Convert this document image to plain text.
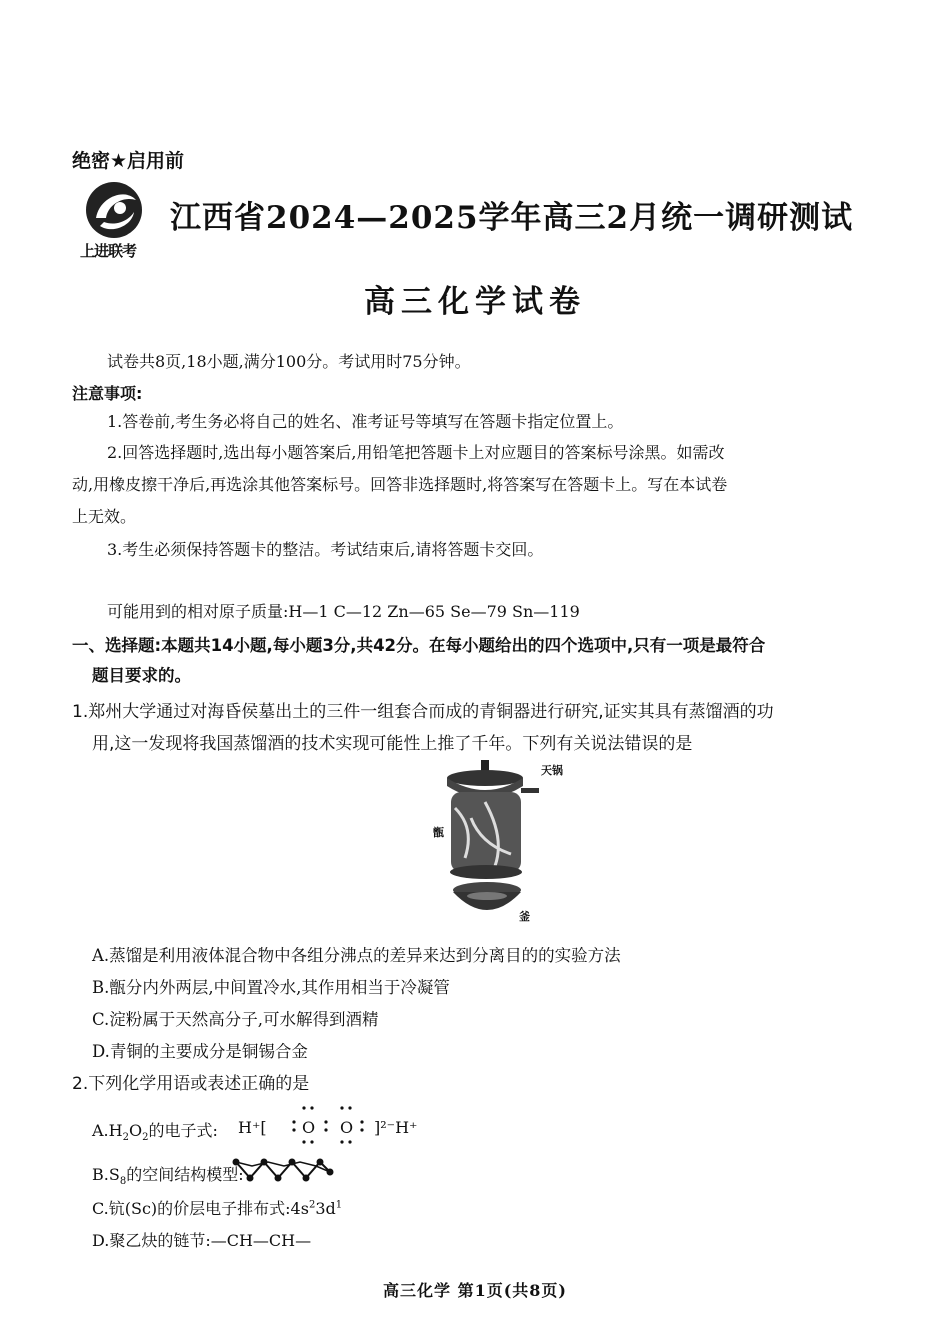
绝密★启用前
上进联考
江西省2024—2025学年高三2月统一调研测试
高三化学试卷
试卷共8页,18小题,满分100分。考试用时75分钟。
注意事项:
1.答卷前,考生务必将自己的姓名、准考证号等填写在答题卡指定位置上。
2.回答选择题时,选出每小题答案后,用铅笔把答题卡上对应题目的答案标号涂黑。如需改
动,用橡皮擦干净后,再选涂其他答案标号。回答非选择题时,将答案写在答题卡上。写在本试卷
上无效。
3.考生必须保持答题卡的整洁。考试结束后,请将答题卡交回。
可能用到的相对原子质量:H—1 C—12 Zn—65 Se—79 Sn—119
一、选择题:本题共14小题,每小题3分,共42分。在每小题给出的四个选项中,只有一项是最符合
题目要求的。
1.郑州大学通过对海昏侯墓出土的三件一组套合而成的青铜器进行研究,证实其具有蒸馏酒的功
用,这一发现将我国蒸馏酒的技术实现可能性上推了千年。下列有关说法错误的是
天锅
甑
釜
A.蒸馏是利用液体混合物中各组分沸点的差异来达到分离目的的实验方法
B.甑分内外两层,中间置冷水,其作用相当于冷凝管
C.淀粉属于天然高分子,可水解得到酒精
D.青铜的主要成分是铜锡合金
2.下列化学用语或表述正确的是
$A.H_2O_2$的电子式: H⁺[ O O ]²⁻H⁺
$B.S_8$的空间结构模型:
C.钪(Sc)的价层电子排布式$:4s^23d^1$
D.聚乙炔的链节:—CH—CH—
高三化学 第1页(共8页)
